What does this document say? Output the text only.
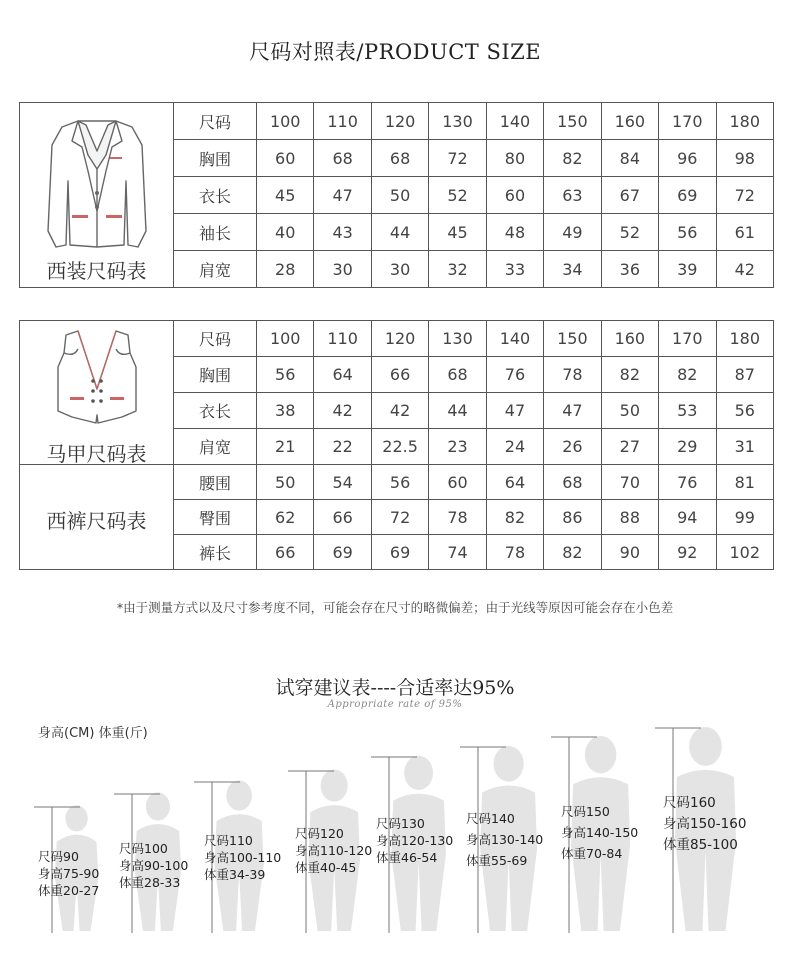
尺码对照表/PRODUCT SIZE
西装尺码表	尺码	100	110	120	130	140	150	160	170	180
	胸围	60	68	68	72	80	82	84	96	98
	衣长	45	47	50	52	60	63	67	69	72
	袖长	40	43	44	45	48	49	52	56	61
	肩宽	28	30	30	32	33	34	36	39	42
马甲尺码表	尺码	100	110	120	130	140	150	160	170	180
	胸围	56	64	66	68	76	78	82	82	87
	衣长	38	42	42	44	47	47	50	53	56
	肩宽	21	22	22.5	23	24	26	27	29	31

西裤尺码表	腰围	50	54	56	60	64	68	70	76	81
	臀围	62	66	72	78	82	86	88	94	99
	裤长	66	69	69	74	78	82	90	92	102
*由于测量方式以及尺寸参考度不同，可能会存在尺寸的略微偏差；由于光线等原因可能会存在小色差
试穿建议表----合适率达95%
Appropriate rate of 95%
身高(CM) 体重(斤)
尺码90
身高75-90
体重20-27
尺码100
身高90-100
体重28-33
尺码110
身高100-110
体重34-39
尺码120
身高110-120
体重40-45
尺码130
身高120-130
体重46-54
尺码140
身高130-140
体重55-69
尺码150
身高140-150
体重70-84
尺码160
身高150-160
体重85-100
